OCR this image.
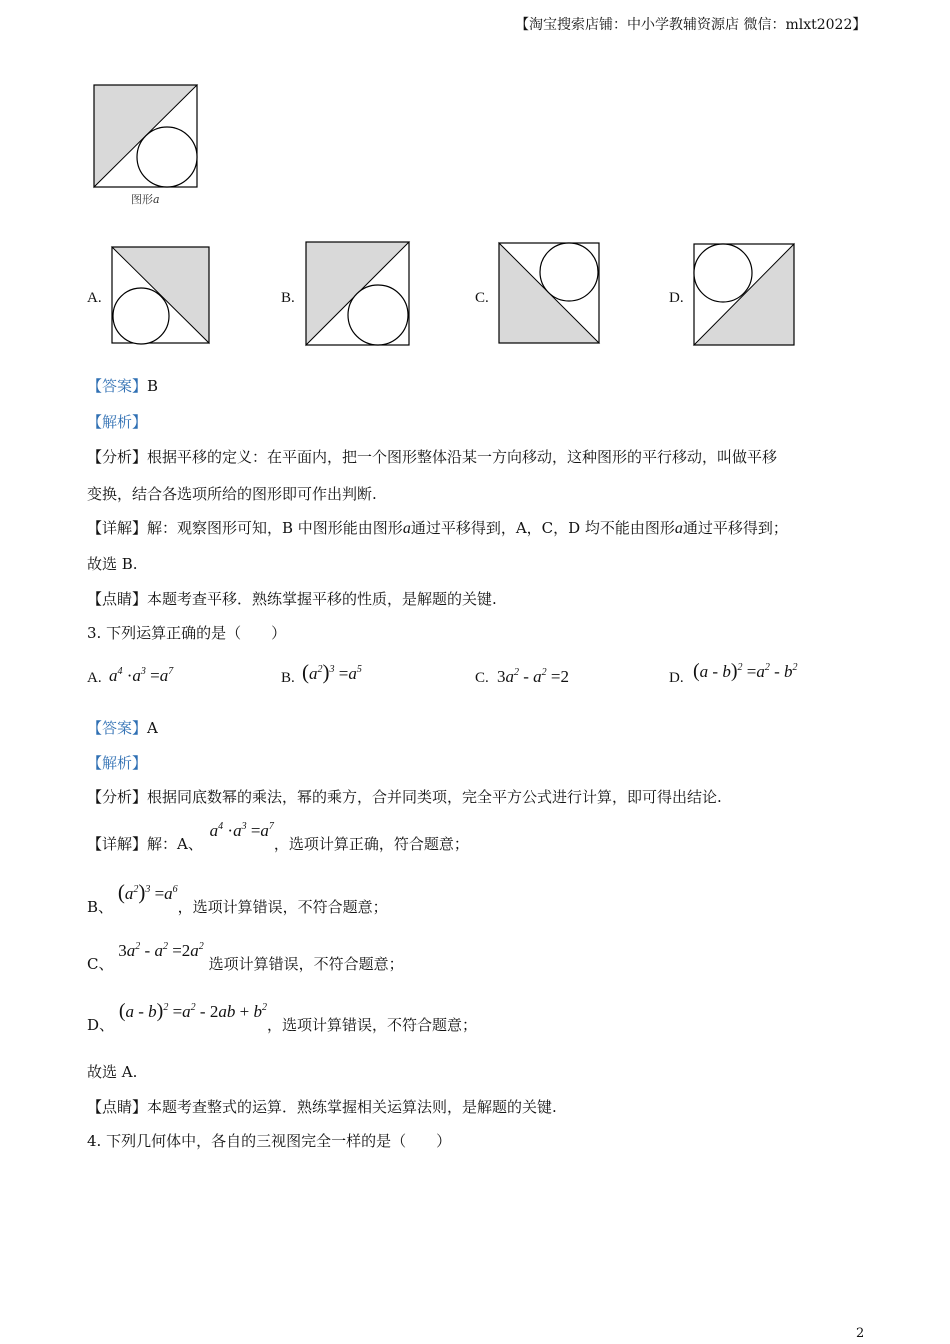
【淘宝搜索店铺：中小学教辅资源店 微信：mlxt2022】
图形a
A.	B.	C.	D.
【答案】B
【解析】
【分析】根据平移的定义：在平面内，把一个图形整体沿某一方向移动，这种图形的平行移动，叫做平移
变换，结合各选项所给的图形即可作出判断.
【详解】解：观察图形可知，B 中图形能由图形a通过平移得到，A，C，D 均不能由图形a通过平移得到；
故选 B.
【点睛】本题考查平移．熟练掌握平移的性质，是解题的关键.
3. 下列运算正确的是（　　）
A. $a^4 \cdot a^3 =a^7$	B. $(a^2)^3 =a^5$
C. $3a^2 - a^2 =2$	D. $(a - b)^2 =a^2 - b^2$
【答案】A
【解析】
【分析】根据同底数幂的乘法，幂的乘方，合并同类项，完全平方公式进行计算，即可得出结论.
【详解】解：A、 $a^4 \cdot a^3 =a^7$，选项计算正确，符合题意；
B、 $(a^2)^3 =a^6$，选项计算错误，不符合题意；
C、 $3a^2 - a^2 =2a^2$ 选项计算错误，不符合题意；
D、 $(a - b)^2 =a^2 - 2ab + b^2$，选项计算错误，不符合题意；
故选 A.
【点睛】本题考查整式的运算．熟练掌握相关运算法则，是解题的关键.
4. 下列几何体中，各自的三视图完全一样的是（　　）
2
